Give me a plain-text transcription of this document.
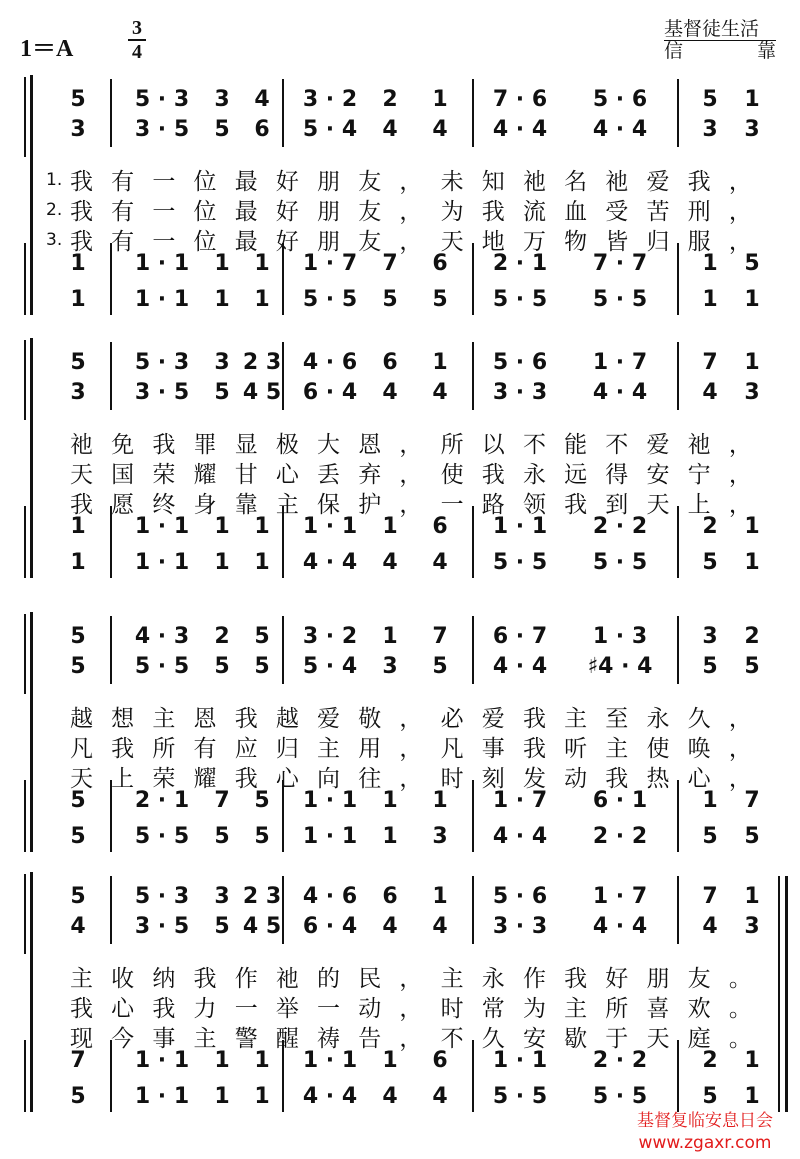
1＝A
3
4
基督徒生活
信	靠
5	5 · 3	3	4	3 · 2	2	1	7 · 6	5 · 6	5	1
3	3 · 5	5	6	5 · 4	4	4	4 · 4	4 · 4	3	3
1	1 · 1	1	1	1 · 7	7	6	2 · 1	7 · 7	1	5
1	1 · 1	1	1	5 · 5	5	5	5 · 5	5 · 5	1	1
1. 我有一位最好朋友，未知祂名祂爱我，
2. 我有一位最好朋友，为我流血受苦刑，
3. 我有一位最好朋友，天地万物皆归服，
5	5 · 3	3 2 3 4 · 6	6	1	5 · 6	1 · 7	7	1
3	3 · 5	5 4 5 6 · 4	4	4	3 · 3	4 · 4	4	3
1	1 · 1	1	1	1 · 1	1	6	1 · 1	2 · 2	2	1
1	1 · 1	1	1	4 · 4	4	4	5 · 5	5 · 5	5	1
祂免我罪显极大恩，所以不能不爱祂，
天国荣耀甘心丢弃，使我永远得安宁，
我愿终身靠主保护，一路领我到天上，
5	4 · 3	2	5	3 · 2	1	7	6 · 7	1 · 3	3	2
5	5 · 5	5	5	5 · 4	3	5	4 · 4	♯4 · 4	5	5
5	2 · 1	7	5	1 · 1	1	1	1 · 7	6 · 1	1	7
5	5 · 5	5	5	1 · 1	1	3	4 · 4	2 · 2	5	5
越想主恩我越爱敬，必爱我主至永久，
凡我所有应归主用，凡事我听主使唤，
天上荣耀我心向往，时刻发动我热心，
5	5 · 3	3 2 3 4 · 6	6	1	5 · 6	1 · 7	7	1
4	3 · 5	5 4 5 6 · 4	4	4	3 · 3	4 · 4	4	3
7	1 · 1	1	1	1 · 1	1	6	1 · 1	2 · 2	2	1
5	1 · 1	1	1	4 · 4	4	4	5 · 5	5 · 5	5	1
主收纳我作祂的民，主永作我好朋友。
我心我力一举一动，时常为主所喜欢。
现今事主警醒祷告，不久安歇于天庭。
基督复临安息日会
www.zgaxr.com
